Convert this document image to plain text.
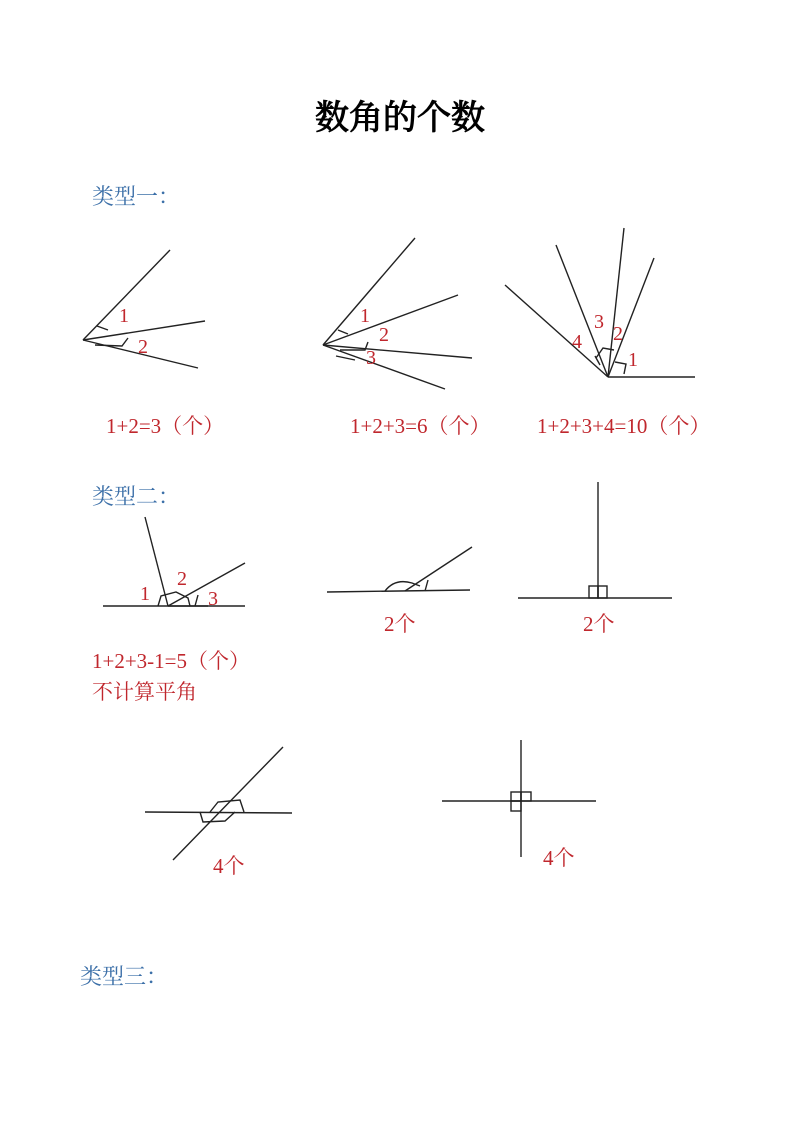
数角的个数
类型一：
类型二：
类型三：
1
2
1
2
3	1
2
3
4
1
2
3
1+2=3（个）	1+2+3=6（个） 1+2+3+4=10（个）
2个	2个
1+2+3-1=5（个）
不计算平角
4个	4个
